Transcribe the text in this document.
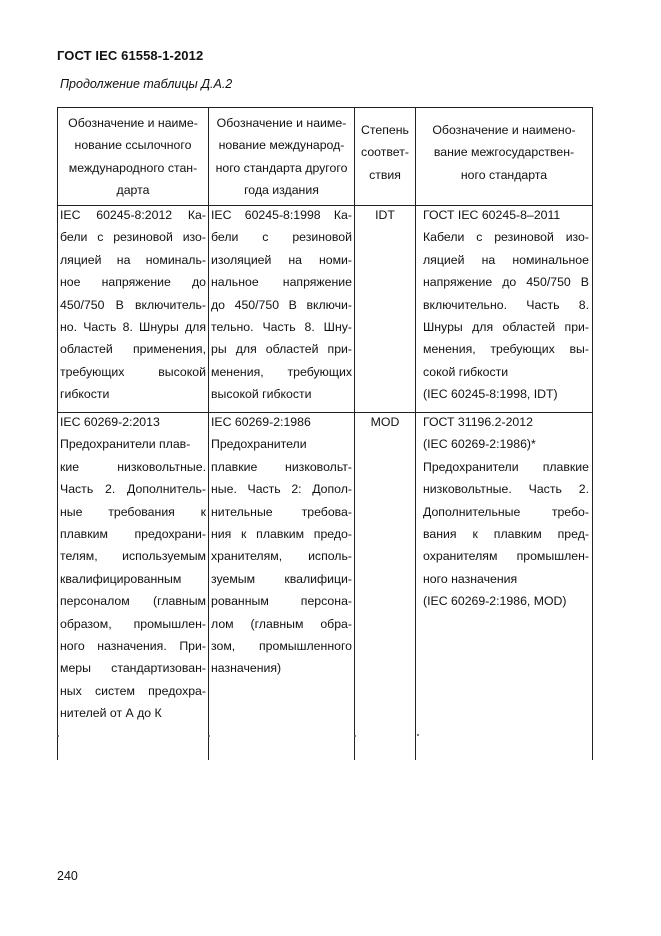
ГОСТ IEC 61558-1-2012
Продолжение таблицы Д.А.2
Обозначение и наиме-
нование ссылочного
международного стан-
дарта
Обозначение и наиме-
нование международ-
ного стандарта другого
года издания
Степень
соответ-
ствия
Обозначение и наимено-
вание межгосударствен-
ного стандарта
IEC 60245-8:2012 Ка-
бели с резиновой изо-
ляцией на номиналь-
ное напряжение до
450/750 В включитель-
но. Часть 8. Шнуры для
областей применения,
требующих высокой
гибкости
IEC 60245-8:1998 Ка-
бели с резиновой
изоляцией на номи-
нальное напряжение
до 450/750 В включи-
тельно. Часть 8. Шну-
ры для областей при-
менения, требующих
высокой гибкости
IDT	ГОСТ IEC 60245-8–2011
Кабели с резиновой изо-
ляцией на номинальное
напряжение до 450/750 В
включительно. Часть 8.
Шнуры для областей при-
менения, требующих вы-
сокой гибкости
(IEC 60245-8:1998, IDT)
IEC 60269-2:2013
Предохранители плав-
кие низковольтные.
Часть 2. Дополнитель-
ные требования к
плавким предохрани-
телям, используемым
квалифицированным
персоналом (главным
образом, промышлен-
ного назначения. При-
меры стандартизован-
ных систем предохра-
нителей от А до К
IEC 60269-2:1986
Предохранители
плавкие низковольт-
ные. Часть 2: Допол-
нительные требова-
ния к плавким предо-
хранителям, исполь-
зуемым квалифици-
рованным персона-
лом (главным обра-
зом, промышленного
назначения)
MOD	ГОСТ 31196.2-2012
(IEC 60269-2:1986)*
Предохранители плавкие
низковольтные. Часть 2.
Дополнительные требо-
вания к плавким пред-
охранителям промышлен-
ного назначения
(IEC 60269-2:1986, MOD)
240
